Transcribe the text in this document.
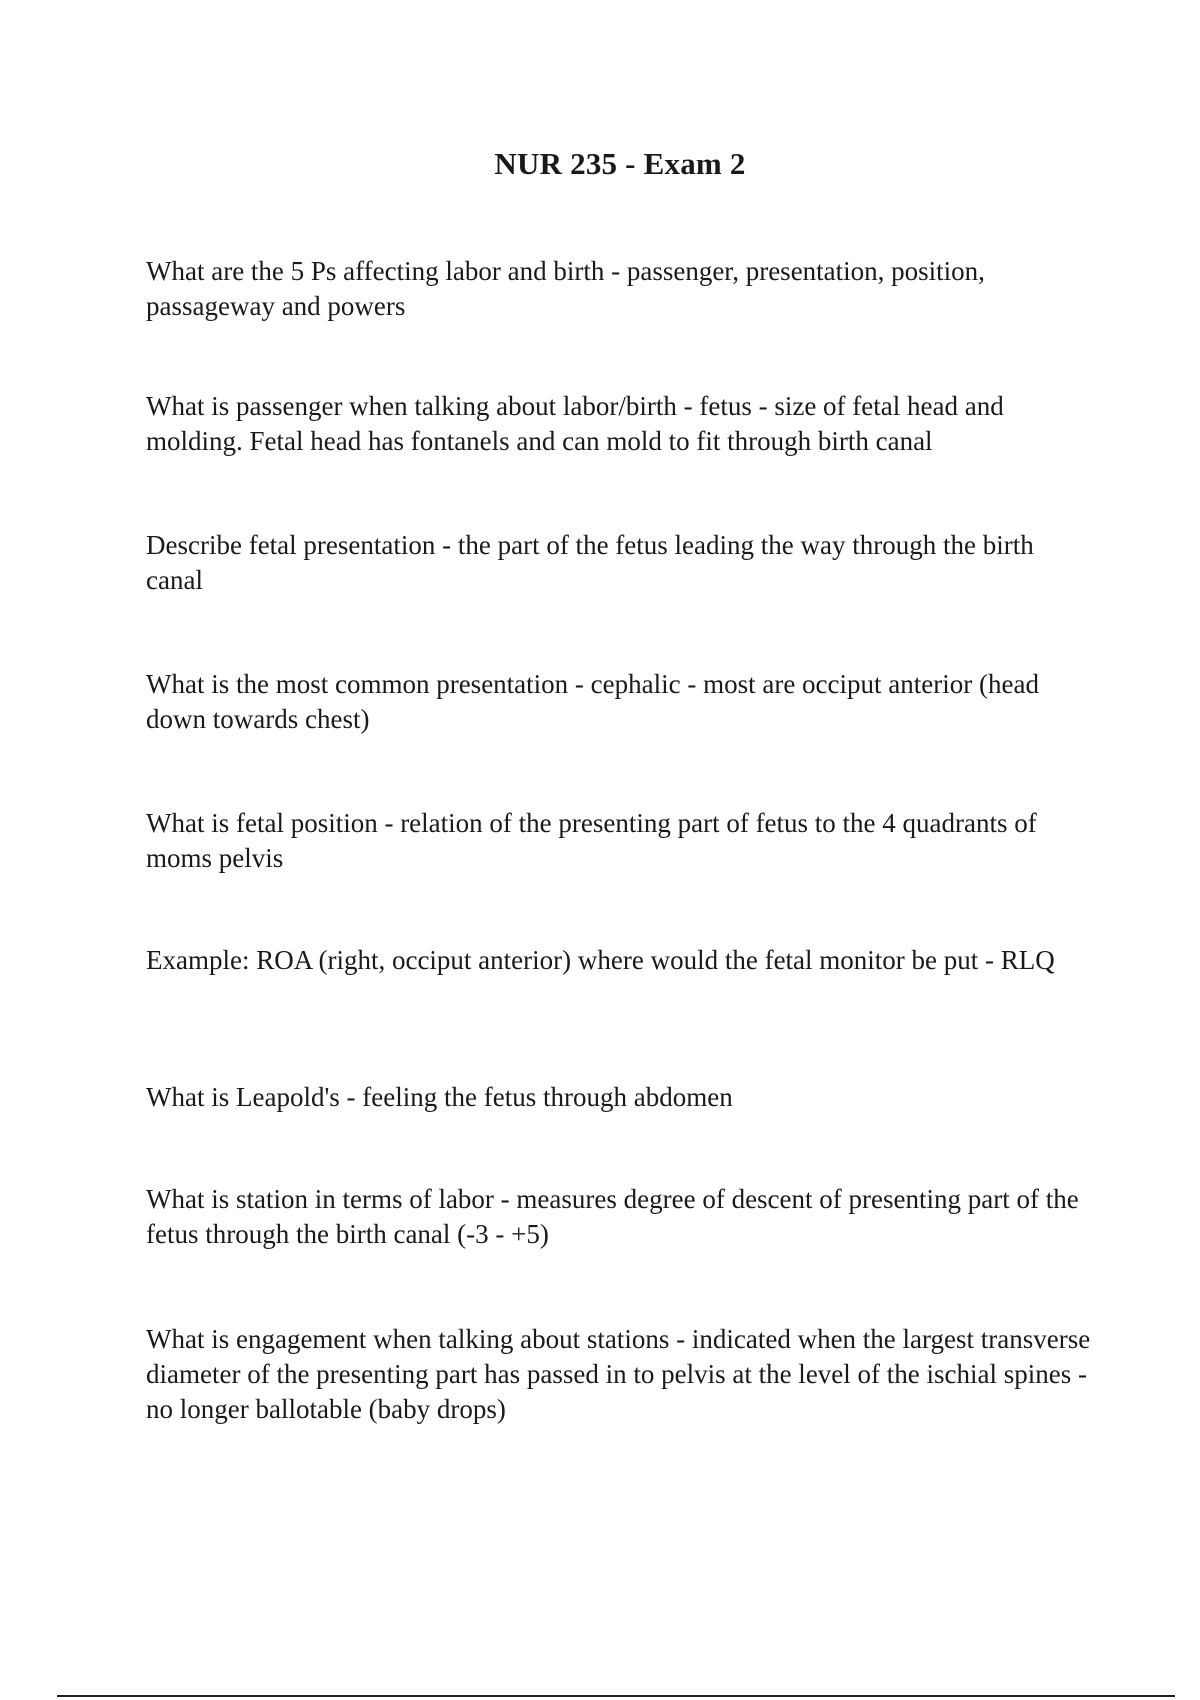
NUR 235 - Exam 2
What are the 5 Ps affecting labor and birth - passenger, presentation, position, passageway and powers
What is passenger when talking about labor/birth - fetus - size of fetal head and molding. Fetal head has fontanels and can mold to fit through birth canal
Describe fetal presentation - the part of the fetus leading the way through the birth canal
What is the most common presentation - cephalic - most are occiput anterior (head down towards chest)
What is fetal position - relation of the presenting part of fetus to the 4 quadrants of moms pelvis
Example: ROA (right, occiput anterior) where would the fetal monitor be put - RLQ
What is Leapold's - feeling the fetus through abdomen
What is station in terms of labor - measures degree of descent of presenting part of the fetus through the birth canal (-3 - +5)
What is engagement when talking about stations - indicated when the largest transverse diameter of the presenting part has passed in to pelvis at the level of the ischial spines - no longer ballotable (baby drops)
